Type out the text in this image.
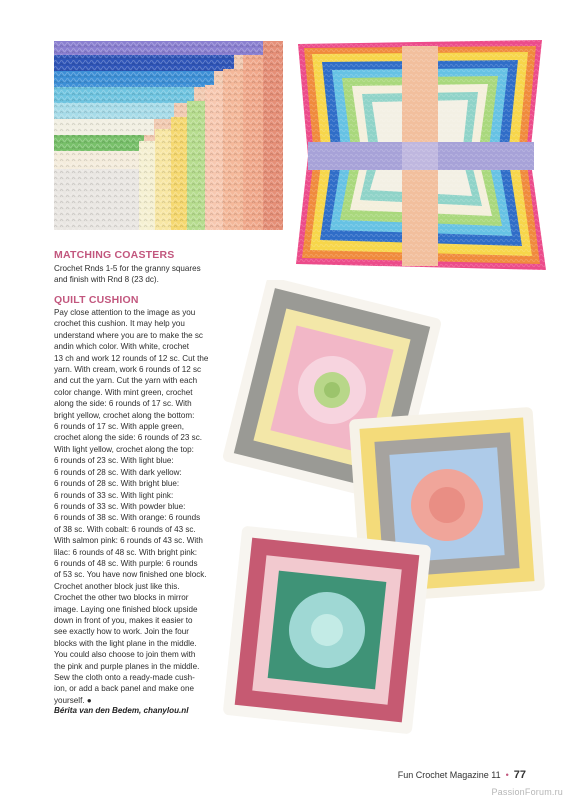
MATCHING COASTERS
Crochet Rnds 1-5 for the granny squares
and finish with Rnd 8 (23 dc).
QUILT CUSHION
Pay close attention to the image as you
crochet this cushion. It may help you
understand where you are to make the sc
andin which color. With white, crochet
13 ch and work 12 rounds of 12 sc. Cut the
yarn. With cream, work 6 rounds of 12 sc
and cut the yarn. Cut the yarn with each
color change. With mint green, crochet
along the side: 6 rounds of 17 sc. With
bright yellow, crochet along the bottom:
6 rounds of 17 sc. With apple green,
crochet along the side: 6 rounds of 23 sc.
With light yellow, crochet along the top:
6 rounds of 23 sc. With light blue:
6 rounds of 28 sc. With dark yellow:
6 rounds of 28 sc. With bright blue:
6 rounds of 33 sc. With light pink:
6 rounds of 33 sc. With powder blue:
6 rounds of 38 sc. With orange: 6 rounds
of 38 sc. With cobalt: 6 rounds of 43 sc.
With salmon pink: 6 rounds of 43 sc. With
lilac: 6 rounds of 48 sc. With bright pink:
6 rounds of 48 sc. With purple: 6 rounds
of 53 sc. You have now finished one block.
Crochet another block just like this.
Crochet the other two blocks in mirror
image. Laying one finished block upside
down in front of you, makes it easier to
see exactly how to work. Join the four
blocks with the light plane in the middle.
You could also choose to join them with
the pink and purple planes in the middle.
Sew the cloth onto a ready-made cush-
ion, or add a back panel and make one
yourself. ●
Bérita van den Bedem, chanylou.nl
Fun Crochet Magazine 11 • 77
PassionForum.ru
